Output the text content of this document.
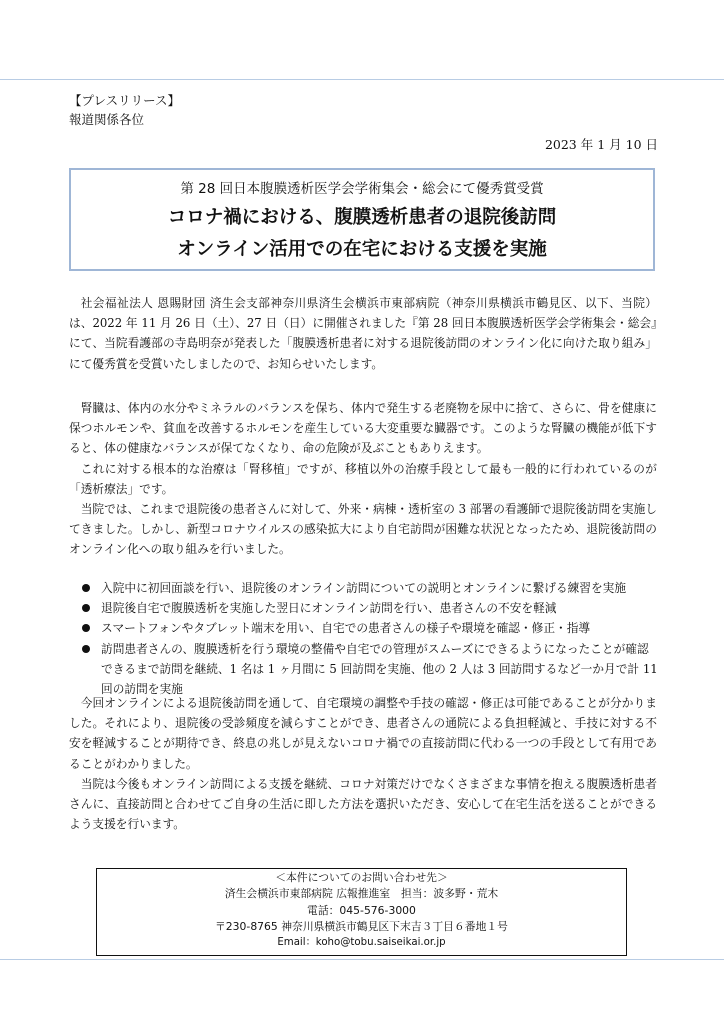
【プレスリリース】
報道関係各位
2023 年 1 月 10 日
第 28 回日本腹膜透析医学会学術集会・総会にて優秀賞受賞
コロナ禍における、腹膜透析患者の退院後訪問
オンライン活用での在宅における支援を実施

社会福祉法人 恩賜財団 済生会支部神奈川県済生会横浜市東部病院（神奈川県横浜市鶴見区、以下、当院）は、2022 年 11 月 26 日（土）、27 日（日）に開催されました『第 28 回日本腹膜透析医学会学術集会・総会』にて、当院看護部の寺島明奈が発表した「腹膜透析患者に対する退院後訪問のオンライン化に向けた取り組み」にて優秀賞を受賞いたしましたので、お知らせいたします。

腎臓は、体内の水分やミネラルのバランスを保ち、体内で発生する老廃物を尿中に捨て、さらに、骨を健康に保つホルモンや、貧血を改善するホルモンを産生している大変重要な臓器です。このような腎臓の機能が低下すると、体の健康なバランスが保てなくなり、命の危険が及ぶこともありえます。

これに対する根本的な治療は「腎移植」ですが、移植以外の治療手段として最も一般的に行われているのが「透析療法」です。

当院では、これまで退院後の患者さんに対して、外来・病棟・透析室の 3 部署の看護師で退院後訪問を実施してきました。しかし、新型コロナウイルスの感染拡大により自宅訪問が困難な状況となったため、退院後訪問のオンライン化への取り組みを行いました。

入院中に初回面談を行い、退院後のオンライン訪問についての説明とオンラインに繋げる練習を実施
退院後自宅で腹膜透析を実施した翌日にオンライン訪問を行い、患者さんの不安を軽減
スマートフォンやタブレット端末を用い、自宅での患者さんの様子や環境を確認・修正・指導
訪問患者さんの、腹膜透析を行う環境の整備や自宅での管理がスムーズにできるようになったことが確認できるまで訪問を継続、1 名は 1 ヶ月間に 5 回訪問を実施、他の 2 人は 3 回訪問するなど一か月で計 11 回の訪問を実施

今回オンラインによる退院後訪問を通して、自宅環境の調整や手技の確認・修正は可能であることが分かりました。それにより、退院後の受診頻度を減らすことができ、患者さんの通院による負担軽減と、手技に対する不安を軽減することが期待でき、終息の兆しが見えないコロナ禍での直接訪問に代わる一つの手段として有用であることがわかりました。

当院は今後もオンライン訪問による支援を継続、コロナ対策だけでなくさまざまな事情を抱える腹膜透析患者さんに、直接訪問と合わせてご自身の生活に即した方法を選択いただき、安心して在宅生活を送ることができるよう支援を行います。

＜本件についてのお問い合わせ先＞
済生会横浜市東部病院 広報推進室　担当：波多野・荒木
電話：045-576-3000
〒230-8765 神奈川県横浜市鶴見区下末吉３丁目６番地１号
Email：koho@tobu.saiseikai.or.jp
